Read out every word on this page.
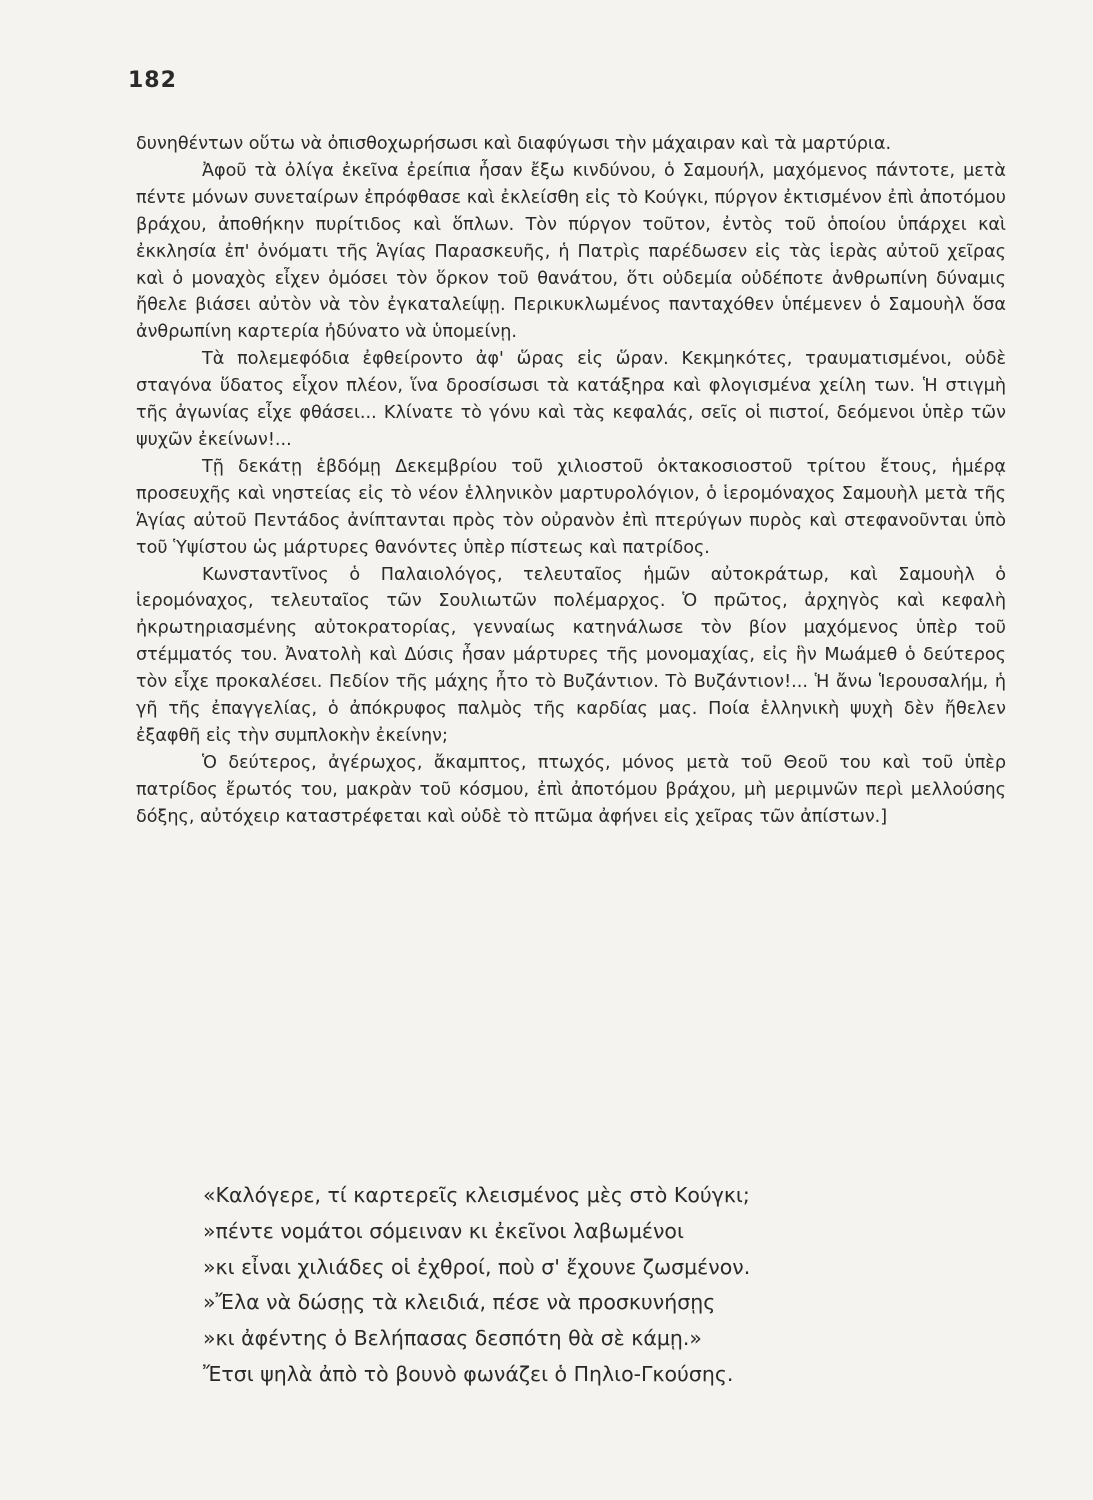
182

δυνηθέντων οὕτω νὰ ὀπισθοχωρήσωσι καὶ διαφύγωσι τὴν μάχαιραν καὶ τὰ μαρτύρια.

Ἀφοῦ τὰ ὀλίγα ἐκεῖνα ἐρείπια ἦσαν ἔξω κινδύνου, ὁ Σαμουήλ, μαχόμενος πάντοτε, μετὰ πέντε μόνων συνεταίρων ἐπρόφθασε καὶ ἐκλείσθη εἰς τὸ Κούγκι, πύργον ἐκτισμένον ἐπὶ ἀποτόμου βράχου, ἀποθήκην πυρίτιδος καὶ ὅπλων. Τὸν πύργον τοῦτον, ἐντὸς τοῦ ὁποίου ὑπάρχει καὶ ἐκκλησία ἐπ' ὀνόματι τῆς Ἁγίας Παρασκευῆς, ἡ Πατρὶς παρέδωσεν εἰς τὰς ἱερὰς αὐτοῦ χεῖρας καὶ ὁ μοναχὸς εἶχεν ὀμόσει τὸν ὅρκον τοῦ θανάτου, ὅτι οὐδεμία οὐδέποτε ἀνθρωπίνη δύναμις ἤθελε βιάσει αὐτὸν νὰ τὸν ἐγκαταλείψῃ. Περικυκλωμένος πανταχόθεν ὑπέμενεν ὁ Σαμουὴλ ὅσα ἀνθρωπίνη καρτερία ἠδύνατο νὰ ὑπομείνῃ.

Τὰ πολεμεφόδια ἐφθείροντο ἀφ' ὥρας εἰς ὥραν. Κεκμηκότες, τραυματισμένοι, οὐδὲ σταγόνα ὕδατος εἶχον πλέον, ἵνα δροσίσωσι τὰ κατάξηρα καὶ φλογισμένα χείλη των. Ἡ στιγμὴ τῆς ἀγωνίας εἶχε φθάσει... Κλίνατε τὸ γόνυ καὶ τὰς κεφαλάς, σεῖς οἱ πιστοί, δεόμενοι ὑπὲρ τῶν ψυχῶν ἐκείνων!...

Τῇ δεκάτῃ ἑβδόμῃ Δεκεμβρίου τοῦ χιλιοστοῦ ὀκτακοσιοστοῦ τρίτου ἔτους, ἡμέρᾳ προσευχῆς καὶ νηστείας εἰς τὸ νέον ἑλληνικὸν μαρτυρολόγιον, ὁ ἱερομόναχος Σαμουὴλ μετὰ τῆς Ἁγίας αὐτοῦ Πεντάδος ἀνίπτανται πρὸς τὸν οὐρανὸν ἐπὶ πτερύγων πυρὸς καὶ στεφανοῦνται ὑπὸ τοῦ Ὑψίστου ὡς μάρτυρες θανόντες ὑπὲρ πίστεως καὶ πατρίδος.

Κωνσταντῖνος ὁ Παλαιολόγος, τελευταῖος ἡμῶν αὐτοκράτωρ, καὶ Σαμουὴλ ὁ ἱερομόναχος, τελευταῖος τῶν Σουλιωτῶν πολέμαρχος. Ὁ πρῶτος, ἀρχηγὸς καὶ κεφαλὴ ἠκρωτηριασμένης αὐτοκρατορίας, γενναίως κατηνάλωσε τὸν βίον μαχόμενος ὑπὲρ τοῦ στέμματός του. Ἀνατολὴ καὶ Δύσις ἦσαν μάρτυρες τῆς μονομαχίας, εἰς ἣν Μωάμεθ ὁ δεύτερος τὸν εἶχε προκαλέσει. Πεδίον τῆς μάχης ἦτο τὸ Βυζάντιον. Τὸ Βυζάντιον!... Ἡ ἄνω Ἱερουσαλήμ, ἡ γῆ τῆς ἐπαγγελίας, ὁ ἀπόκρυφος παλμὸς τῆς καρδίας μας. Ποία ἑλληνικὴ ψυχὴ δὲν ἤθελεν ἐξαφθῆ εἰς τὴν συμπλοκὴν ἐκείνην;

Ὁ δεύτερος, ἀγέρωχος, ἄκαμπτος, πτωχός, μόνος μετὰ τοῦ Θεοῦ του καὶ τοῦ ὑπὲρ πατρίδος ἔρωτός του, μακρὰν τοῦ κόσμου, ἐπὶ ἀποτόμου βράχου, μὴ μεριμνῶν περὶ μελλούσης δόξης, αὐτόχειρ καταστρέφεται καὶ οὐδὲ τὸ πτῶμα ἀφήνει εἰς χεῖρας τῶν ἀπίστων.]

«Καλόγερε, τί καρτερεῖς κλεισμένος μὲς στὸ Κούγκι;
»πέντε νομάτοι σόμειναν κι ἐκεῖνοι λαβωμένοι
»κι εἶναι χιλιάδες οἱ ἐχθροί, ποὺ σ' ἔχουνε ζωσμένον.
»Ἔλα νὰ δώσῃς τὰ κλειδιά, πέσε νὰ προσκυνήσῃς
»κι ἀφέντης ὁ Βελήπασας δεσπότη θὰ σὲ κάμῃ.»
Ἔτσι ψηλὰ ἀπὸ τὸ βουνὸ φωνάζει ὁ Πηλιο-Γκούσης.
